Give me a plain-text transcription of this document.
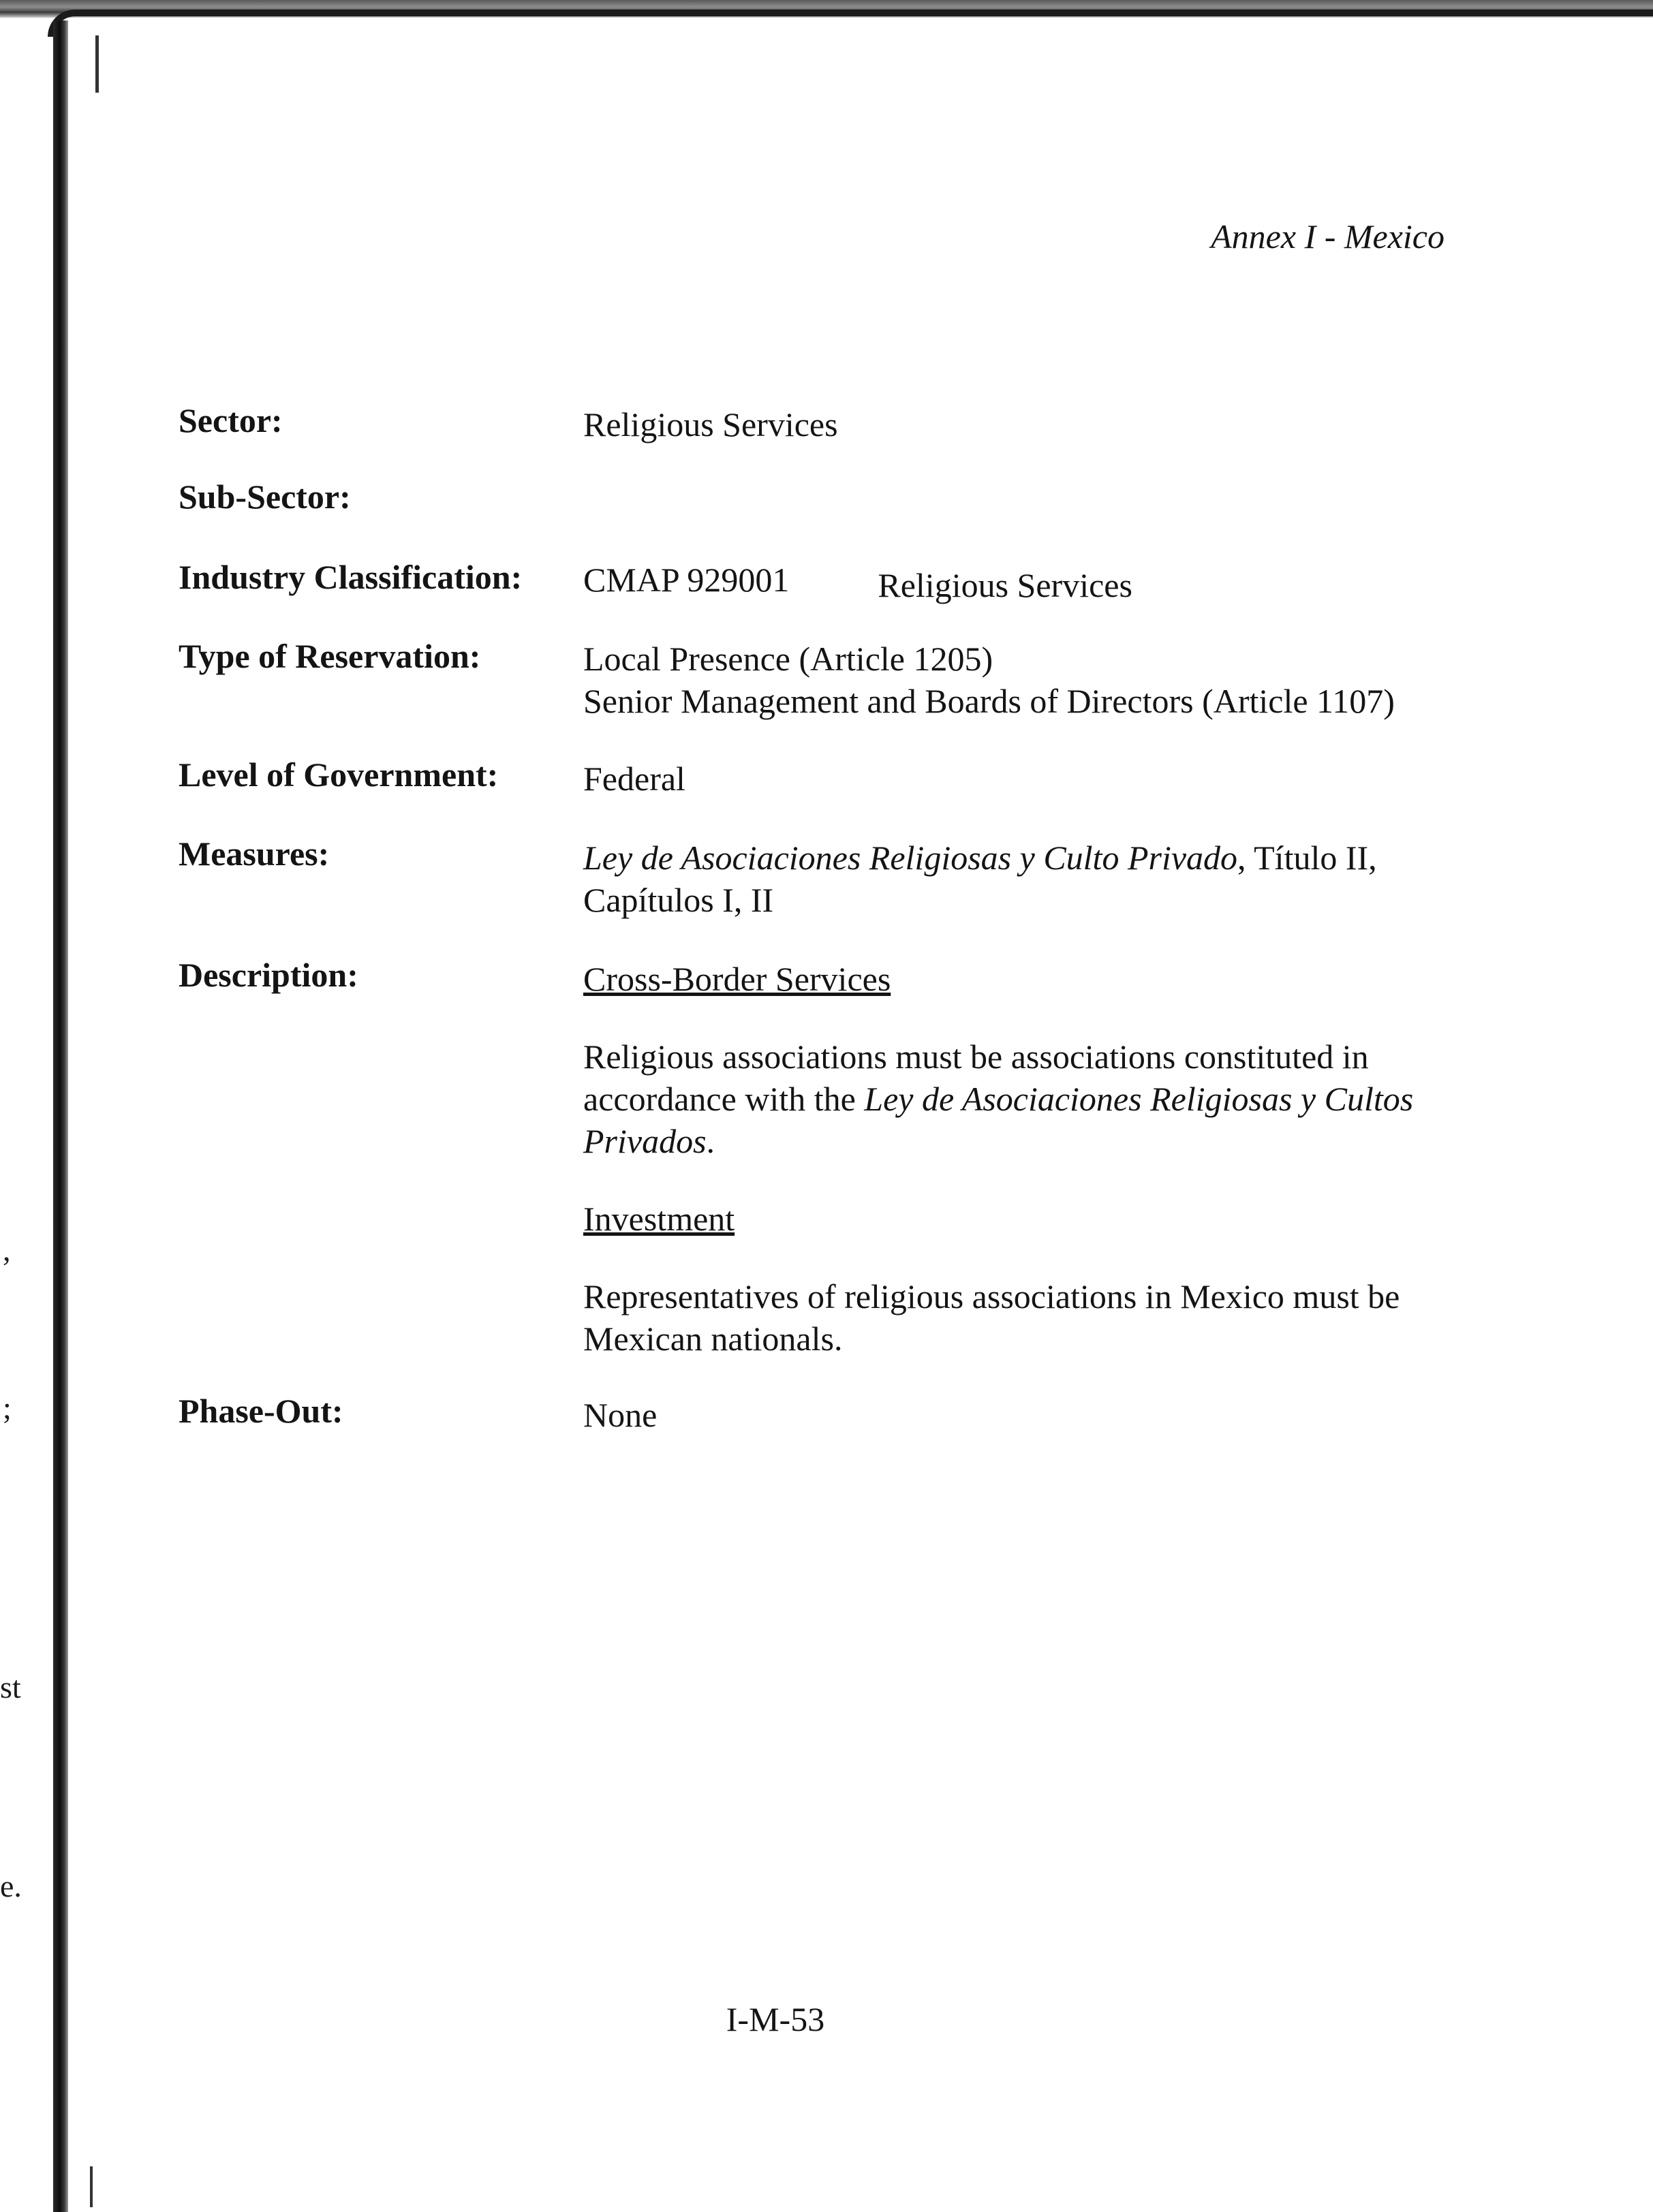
,
;
st
e.
Annex I - Mexico
Sector:	Religious Services
Sub-Sector:
Industry Classification: CMAP 929001	Religious Services
Type of Reservation:	Local Presence (Article 1205)
Senior Management and Boards of Directors (Article 1107)
Level of Government: Federal
Measures:	Ley de Asociaciones Religiosas y Culto Privado, Título II,
Capítulos I, II
Description:	Cross-Border Services
Religious associations must be associations constituted in
accordance with the Ley de Asociaciones Religiosas y Cultos
Privados.
Investment
Representatives of religious associations in Mexico must be
Mexican nationals.
Phase-Out:	None
I-M-53
